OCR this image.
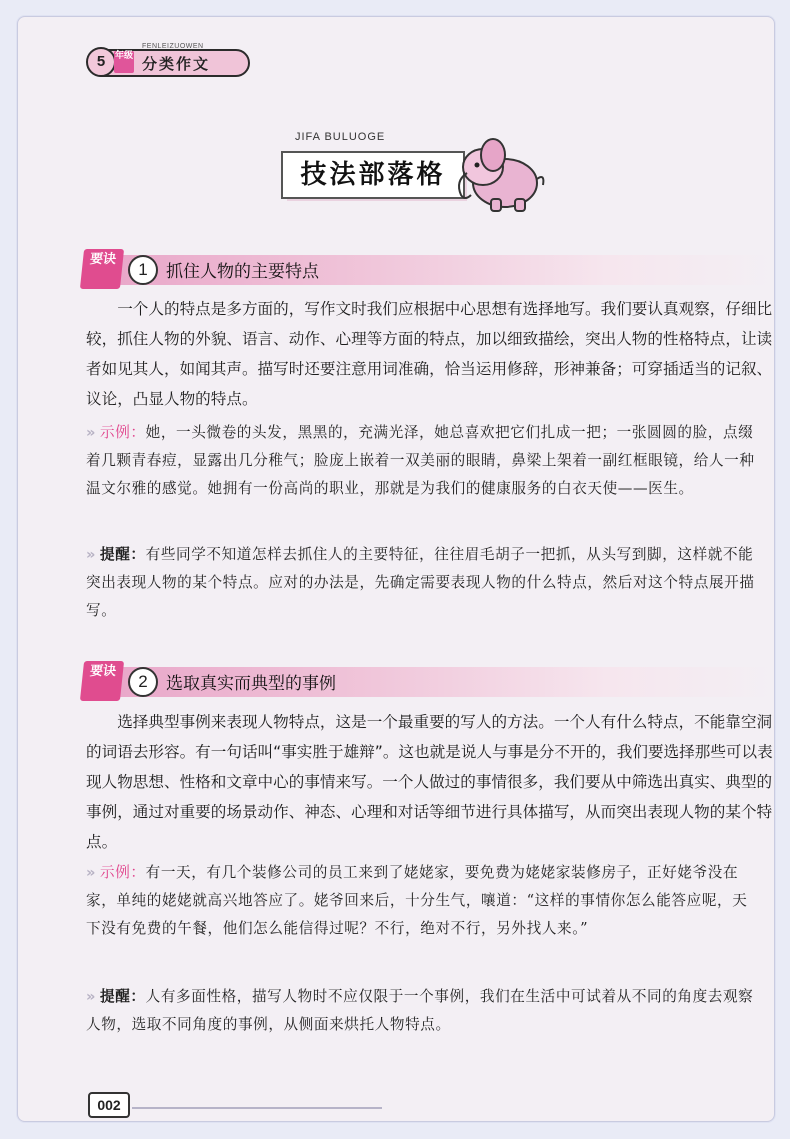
5	年级
FENLEIZUOWEN
分类作文
JIFA BULUOGE
技法部落格
要诀
1	抓住人物的主要特点

一个人的特点是多方面的，写作文时我们应根据中心思想有选择地写。我们要认真观察，仔细比较，抓住人物的外貌、语言、动作、心理等方面的特点，加以细致描绘，突出人物的性格特点，让读者如见其人，如闻其声。描写时还要注意用词准确，恰当运用修辞，形神兼备；可穿插适当的记叙、议论，凸显人物的特点。

» 示例：她，一头微卷的头发，黑黑的，充满光泽，她总喜欢把它们扎成一把；一张圆圆的脸，点缀着几颗青春痘，显露出几分稚气；脸庞上嵌着一双美丽的眼睛，鼻梁上架着一副红框眼镜，给人一种温文尔雅的感觉。她拥有一份高尚的职业，那就是为我们的健康服务的白衣天使——医生。

» 提醒：有些同学不知道怎样去抓住人的主要特征，往往眉毛胡子一把抓，从头写到脚，这样就不能突出表现人物的某个特点。应对的办法是，先确定需要表现人物的什么特点，然后对这个特点展开描写。

要诀
2	选取真实而典型的事例

选择典型事例来表现人物特点，这是一个最重要的写人的方法。一个人有什么特点，不能靠空洞的词语去形容。有一句话叫“事实胜于雄辩”。这也就是说人与事是分不开的，我们要选择那些可以表现人物思想、性格和文章中心的事情来写。一个人做过的事情很多，我们要从中筛选出真实、典型的事例，通过对重要的场景动作、神态、心理和对话等细节进行具体描写，从而突出表现人物的某个特点。

» 示例：有一天，有几个装修公司的员工来到了姥姥家，要免费为姥姥家装修房子，正好姥爷没在家，单纯的姥姥就高兴地答应了。姥爷回来后，十分生气，嚷道：“这样的事情你怎么能答应呢，天下没有免费的午餐，他们怎么能信得过呢？不行，绝对不行，另外找人来。”

» 提醒：人有多面性格，描写人物时不应仅限于一个事例，我们在生活中可试着从不同的角度去观察人物，选取不同角度的事例，从侧面来烘托人物特点。

002
